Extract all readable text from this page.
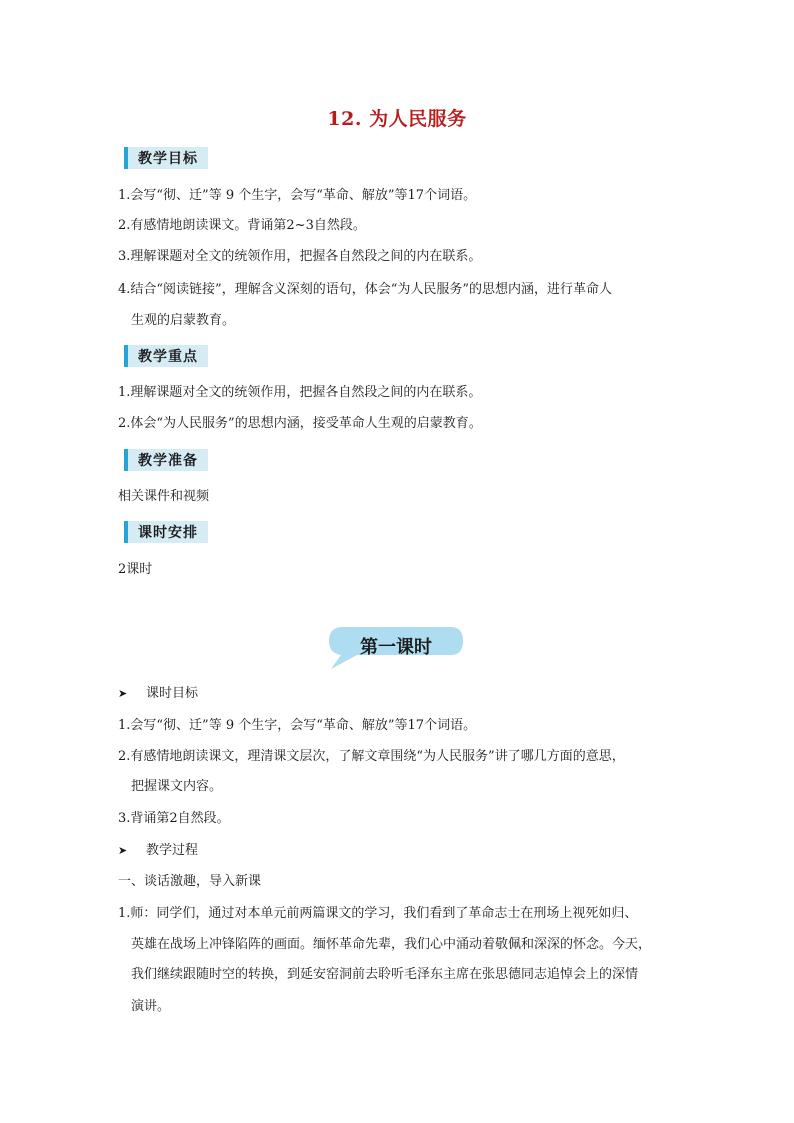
12. 为人民服务
教学目标
1.会写“彻、迁”等 9 个生字，会写“革命、解放”等17个词语。
2.有感情地朗读课文。背诵第2~3自然段。
3.理解课题对全文的统领作用，把握各自然段之间的内在联系。
4.结合“阅读链接”，理解含义深刻的语句，体会“为人民服务”的思想内涵，进行革命人
生观的启蒙教育。
教学重点
1.理解课题对全文的统领作用，把握各自然段之间的内在联系。
2.体会“为人民服务”的思想内涵，接受革命人生观的启蒙教育。
教学准备
相关课件和视频
课时安排
2课时
第一课时
➤ 课时目标
1.会写“彻、迁”等 9 个生字，会写“革命、解放”等17个词语。
2.有感情地朗读课文，理清课文层次，了解文章围绕“为人民服务”讲了哪几方面的意思，
把握课文内容。
3.背诵第2自然段。
➤ 教学过程
一、谈话激趣，导入新课
1.师：同学们，通过对本单元前两篇课文的学习，我们看到了革命志士在刑场上视死如归、
英雄在战场上冲锋陷阵的画面。缅怀革命先辈，我们心中涌动着敬佩和深深的怀念。今天，
我们继续跟随时空的转换，到延安窑洞前去聆听毛泽东主席在张思德同志追悼会上的深情
演讲。
